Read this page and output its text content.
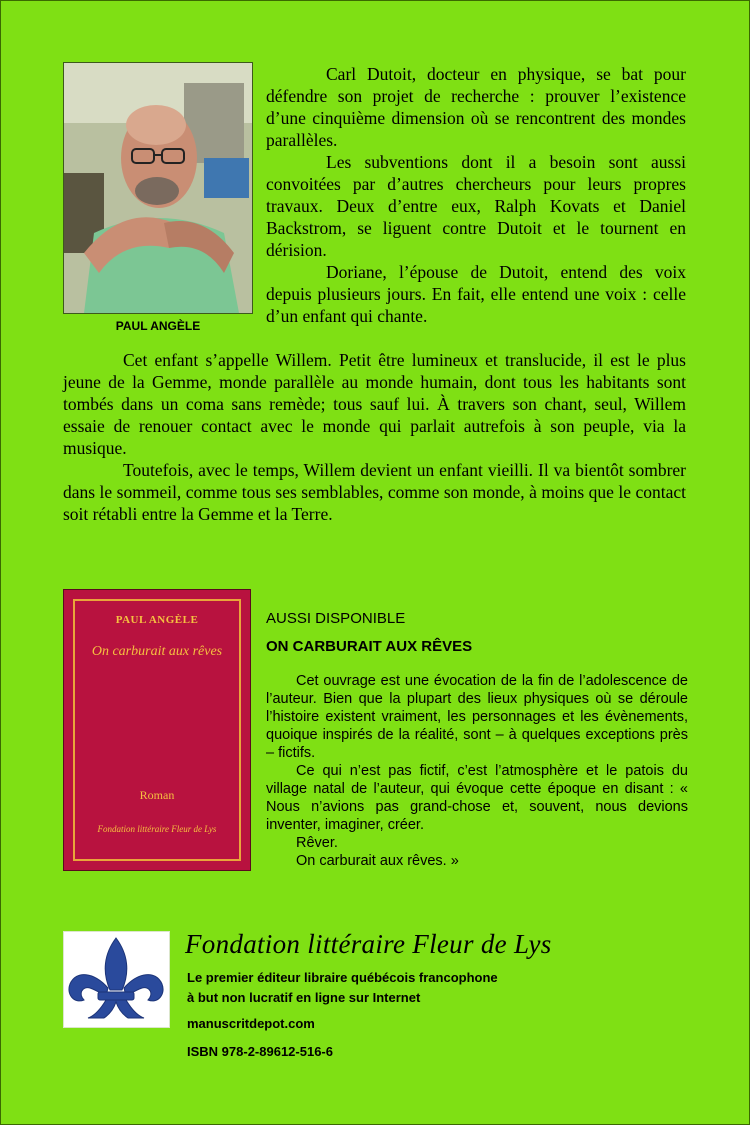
PAUL ANGÈLE

Carl Dutoit, docteur en physique, se bat pour défendre son projet de recherche : prouver l’existence d’une cinquième dimension où se rencontrent des mondes parallèles.

Les subventions dont il a besoin sont aussi convoitées par d’autres chercheurs pour leurs propres travaux. Deux d’entre eux, Ralph Kovats et Daniel Backstrom, se liguent contre Dutoit et le tournent en dérision.

Doriane, l’épouse de Dutoit, entend des voix depuis plusieurs jours. En fait, elle entend une voix : celle d’un enfant qui chante.

Cet enfant s’appelle Willem. Petit être lumineux et translucide, il est le plus jeune de la Gemme, monde parallèle au monde humain, dont tous les habitants sont tombés dans un coma sans remède; tous sauf lui. À travers son chant, seul, Willem essaie de renouer contact avec le monde qui parlait autrefois à son peuple, via la musique.

Toutefois, avec le temps, Willem devient un enfant vieilli. Il va bientôt sombrer dans le sommeil, comme tous ses semblables, comme son monde, à moins que le contact soit rétabli entre la Gemme et la Terre.

PAUL ANGÈLE
On carburait aux rêves
Roman
Fondation littéraire Fleur de Lys
AUSSI DISPONIBLE
ON CARBURAIT AUX RÊVES

Cet ouvrage est une évocation de la fin de l’adolescence de l’auteur. Bien que la plupart des lieux physiques où se déroule l’histoire existent vraiment, les personnages et les évènements, quoique inspirés de la réalité, sont – à quelques exceptions près – fictifs.

Ce qui n’est pas fictif, c’est l’atmosphère et le patois du village natal de l’auteur, qui évoque cette époque en disant : « Nous n’avions pas grand-chose et, souvent, nous devions inventer, imaginer, créer.

Rêver.

On carburait aux rêves. »

Fondation littéraire Fleur de Lys
Le premier éditeur libraire québécois francophone
à but non lucratif en ligne sur Internet
manuscritdepot.com
ISBN 978-2-89612-516-6
